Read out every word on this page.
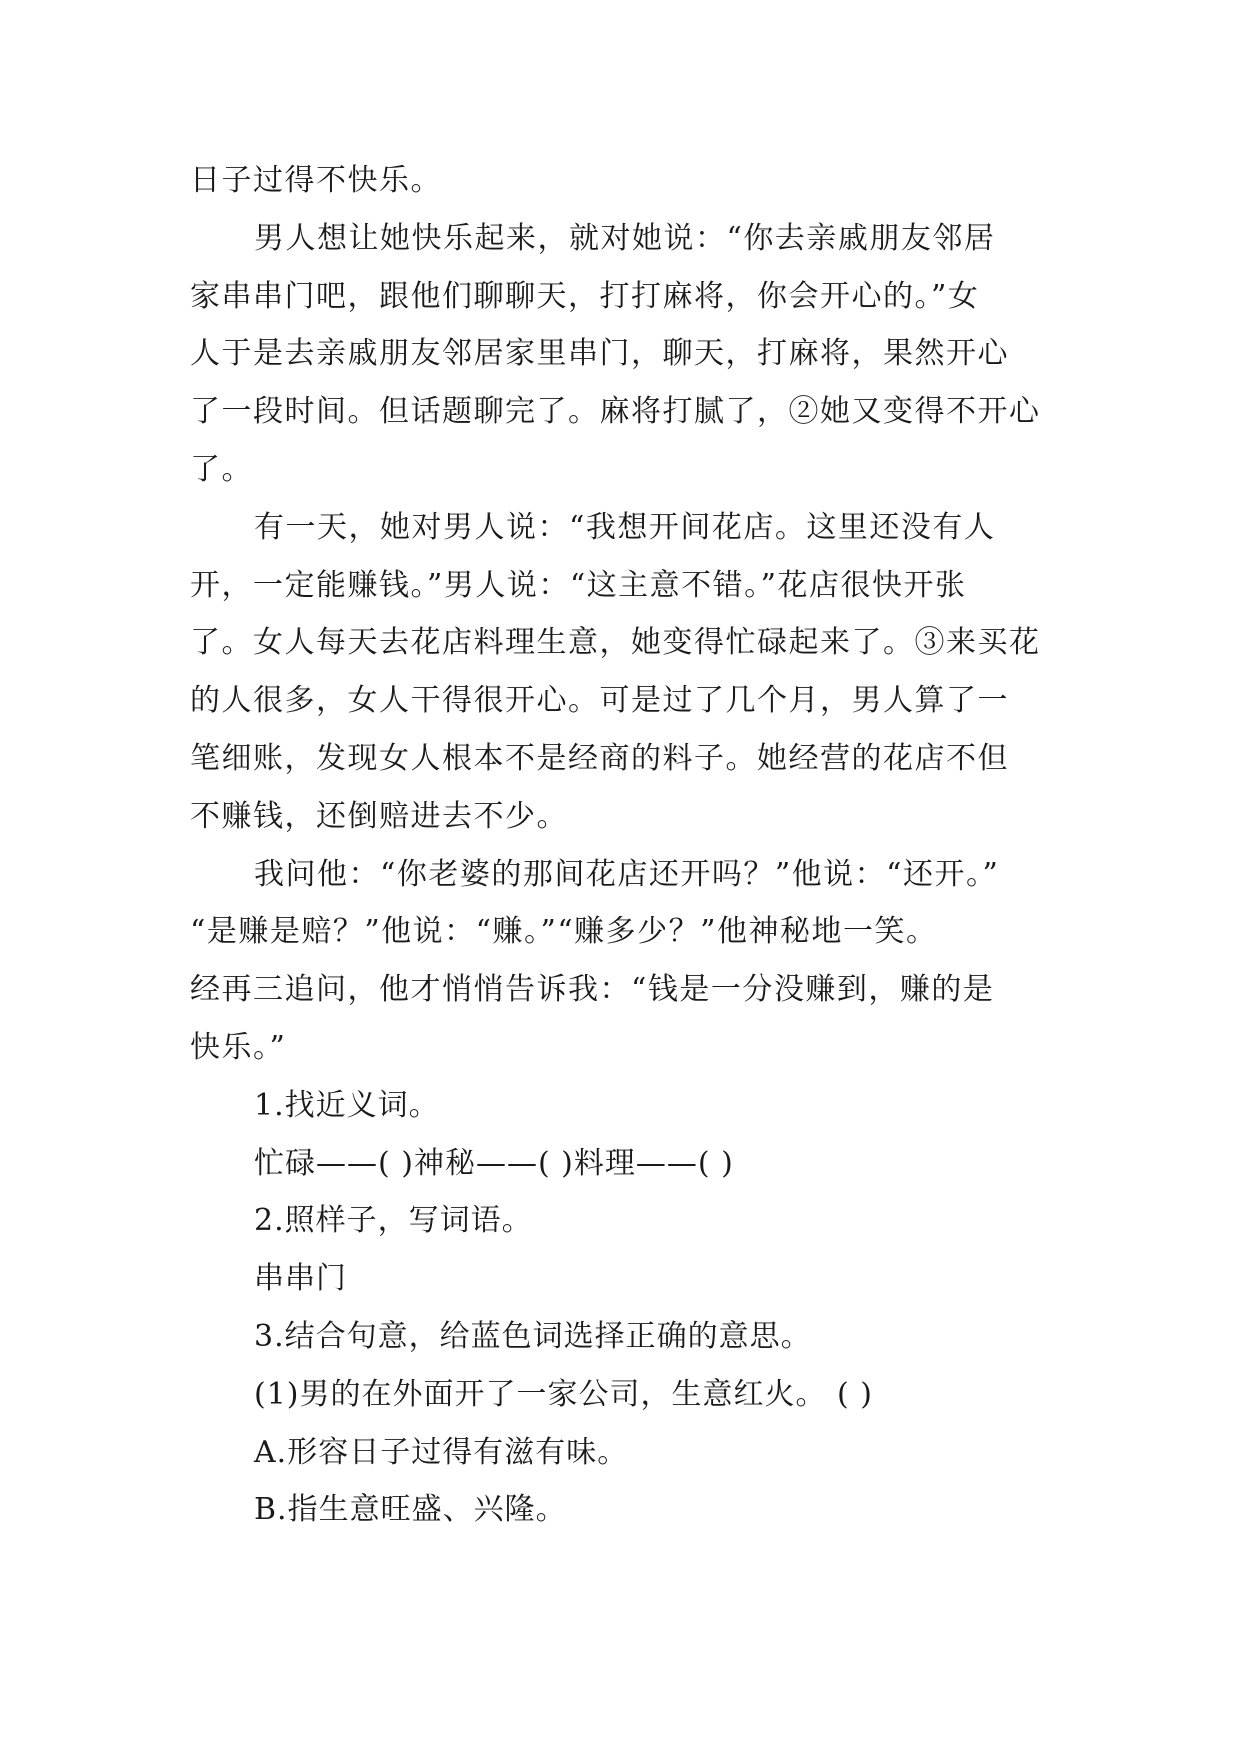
日子过得不快乐。
男人想让她快乐起来，就对她说：“你去亲戚朋友邻居
家串串门吧，跟他们聊聊天，打打麻将，你会开心的。”女
人于是去亲戚朋友邻居家里串门，聊天，打麻将，果然开心
了一段时间。但话题聊完了。麻将打腻了，②她又变得不开心
了。
有一天，她对男人说：“我想开间花店。这里还没有人
开，一定能赚钱。”男人说：“这主意不错。”花店很快开张
了。女人每天去花店料理生意，她变得忙碌起来了。③来买花
的人很多，女人干得很开心。可是过了几个月，男人算了一
笔细账，发现女人根本不是经商的料子。她经营的花店不但
不赚钱，还倒赔进去不少。
我问他：“你老婆的那间花店还开吗？”他说：“还开。”
“是赚是赔？”他说：“赚。”“赚多少？”他神秘地一笑。
经再三追问，他才悄悄告诉我：“钱是一分没赚到，赚的是
快乐。”
1.找近义词。
忙碌——( )神秘——( )料理——( )
2.照样子，写词语。
串串门
3.结合句意，给蓝色词选择正确的意思。
(1)男的在外面开了一家公司，生意红火。 ( )
A.形容日子过得有滋有味。
B.指生意旺盛、兴隆。
